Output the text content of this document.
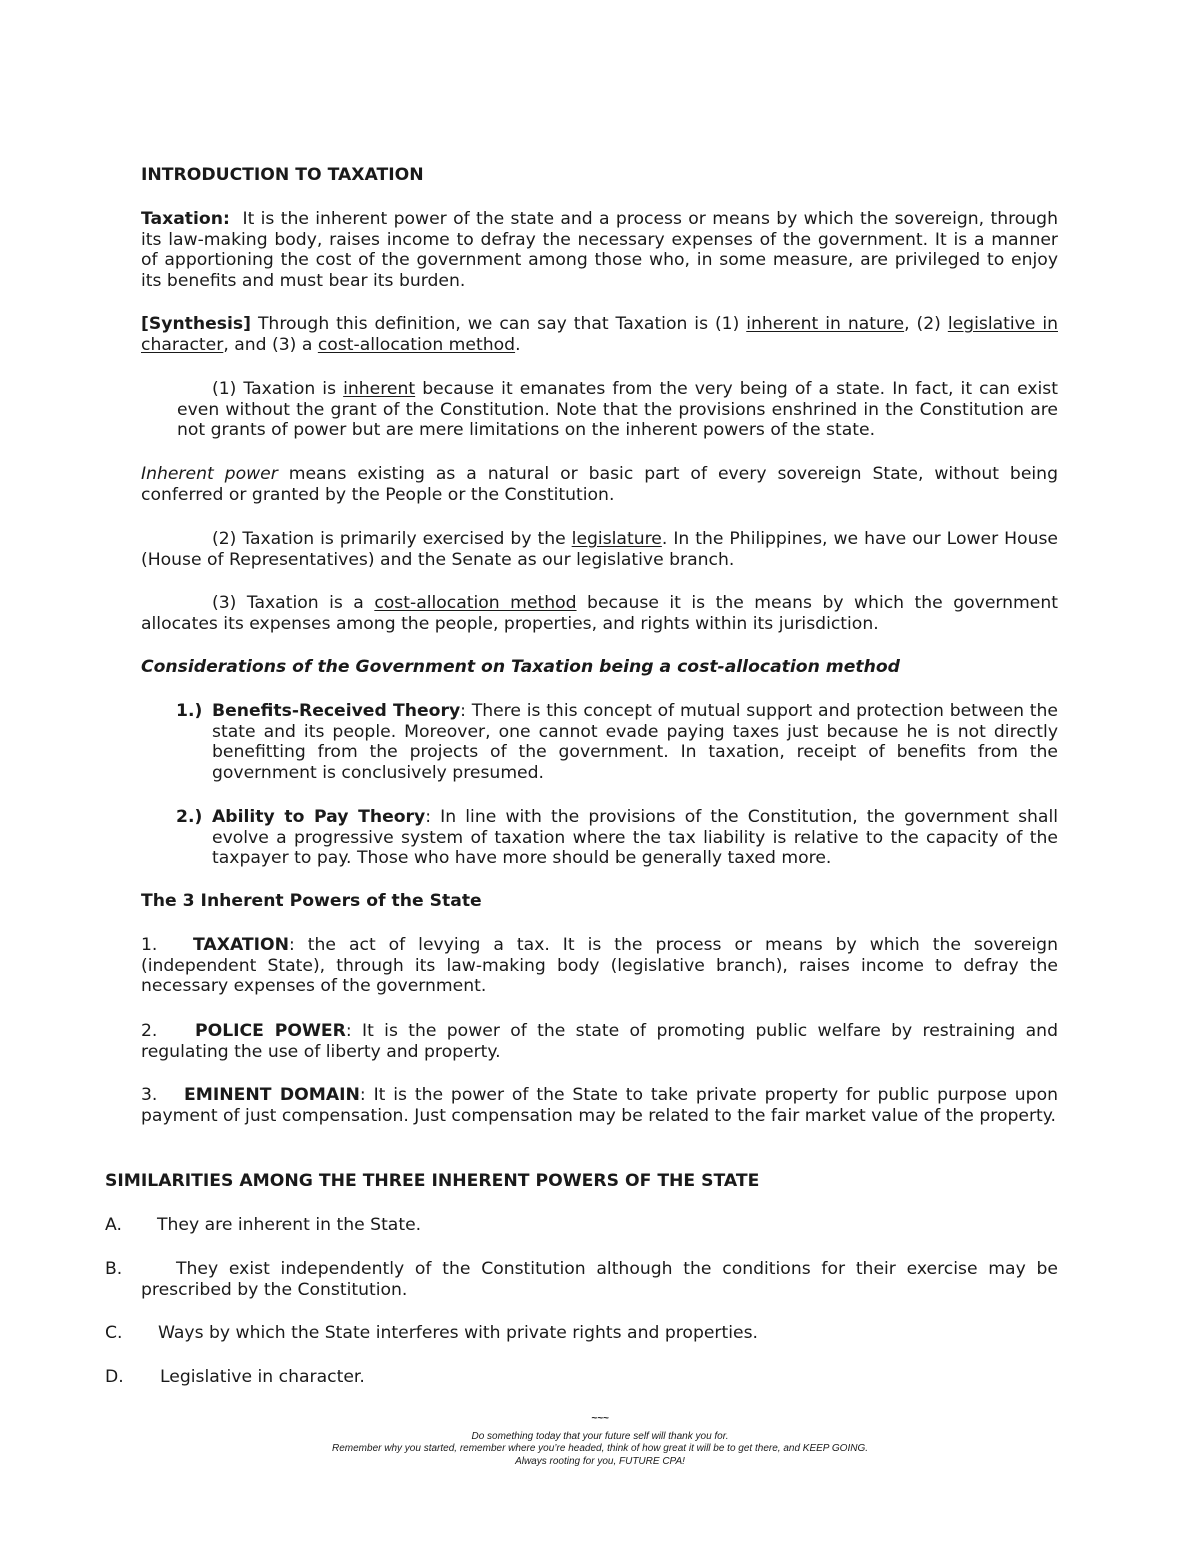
INTRODUCTION TO TAXATION
Taxation: It is the inherent power of the state and a process or means by which the sovereign, through its law-making body, raises income to defray the necessary expenses of the government. It is a manner of apportioning the cost of the government among those who, in some measure, are privileged to enjoy its benefits and must bear its burden.
[Synthesis] Through this definition, we can say that Taxation is (1) inherent in nature, (2) legislative in character, and (3) a cost-allocation method.
(1) Taxation is inherent because it emanates from the very being of a state. In fact, it can exist even without the grant of the Constitution. Note that the provisions enshrined in the Constitution are not grants of power but are mere limitations on the inherent powers of the state.
Inherent power means existing as a natural or basic part of every sovereign State, without being conferred or granted by the People or the Constitution.
(2) Taxation is primarily exercised by the legislature. In the Philippines, we have our Lower House (House of Representatives) and the Senate as our legislative branch.
(3) Taxation is a cost-allocation method because it is the means by which the government allocates its expenses among the people, properties, and rights within its jurisdiction.
Considerations of the Government on Taxation being a cost-allocation method
1.) Benefits-Received Theory: There is this concept of mutual support and protection between the state and its people. Moreover, one cannot evade paying taxes just because he is not directly benefitting from the projects of the government. In taxation, receipt of benefits from the government is conclusively presumed.
2.) Ability to Pay Theory: In line with the provisions of the Constitution, the government shall evolve a progressive system of taxation where the tax liability is relative to the capacity of the taxpayer to pay. Those who have more should be generally taxed more.
The 3 Inherent Powers of the State
1. TAXATION: the act of levying a tax. It is the process or means by which the sovereign (independent State), through its law-making body (legislative branch), raises income to defray the necessary expenses of the government.
2. POLICE POWER: It is the power of the state of promoting public welfare by restraining and regulating the use of liberty and property.
3. EMINENT DOMAIN: It is the power of the State to take private property for public purpose upon payment of just compensation. Just compensation may be related to the fair market value of the property.
SIMILARITIES AMONG THE THREE INHERENT POWERS OF THE STATE
A.	They are inherent in the State.
B.	They exist independently of the Constitution although the conditions for their exercise may be prescribed by the Constitution.
C.	Ways by which the State interferes with private rights and properties.
D.	Legislative in character.
~~~
Do something today that your future self will thank you for.
Remember why you started, remember where you’re headed, think of how great it will be to get there, and KEEP GOING.
Always rooting for you, FUTURE CPA!
